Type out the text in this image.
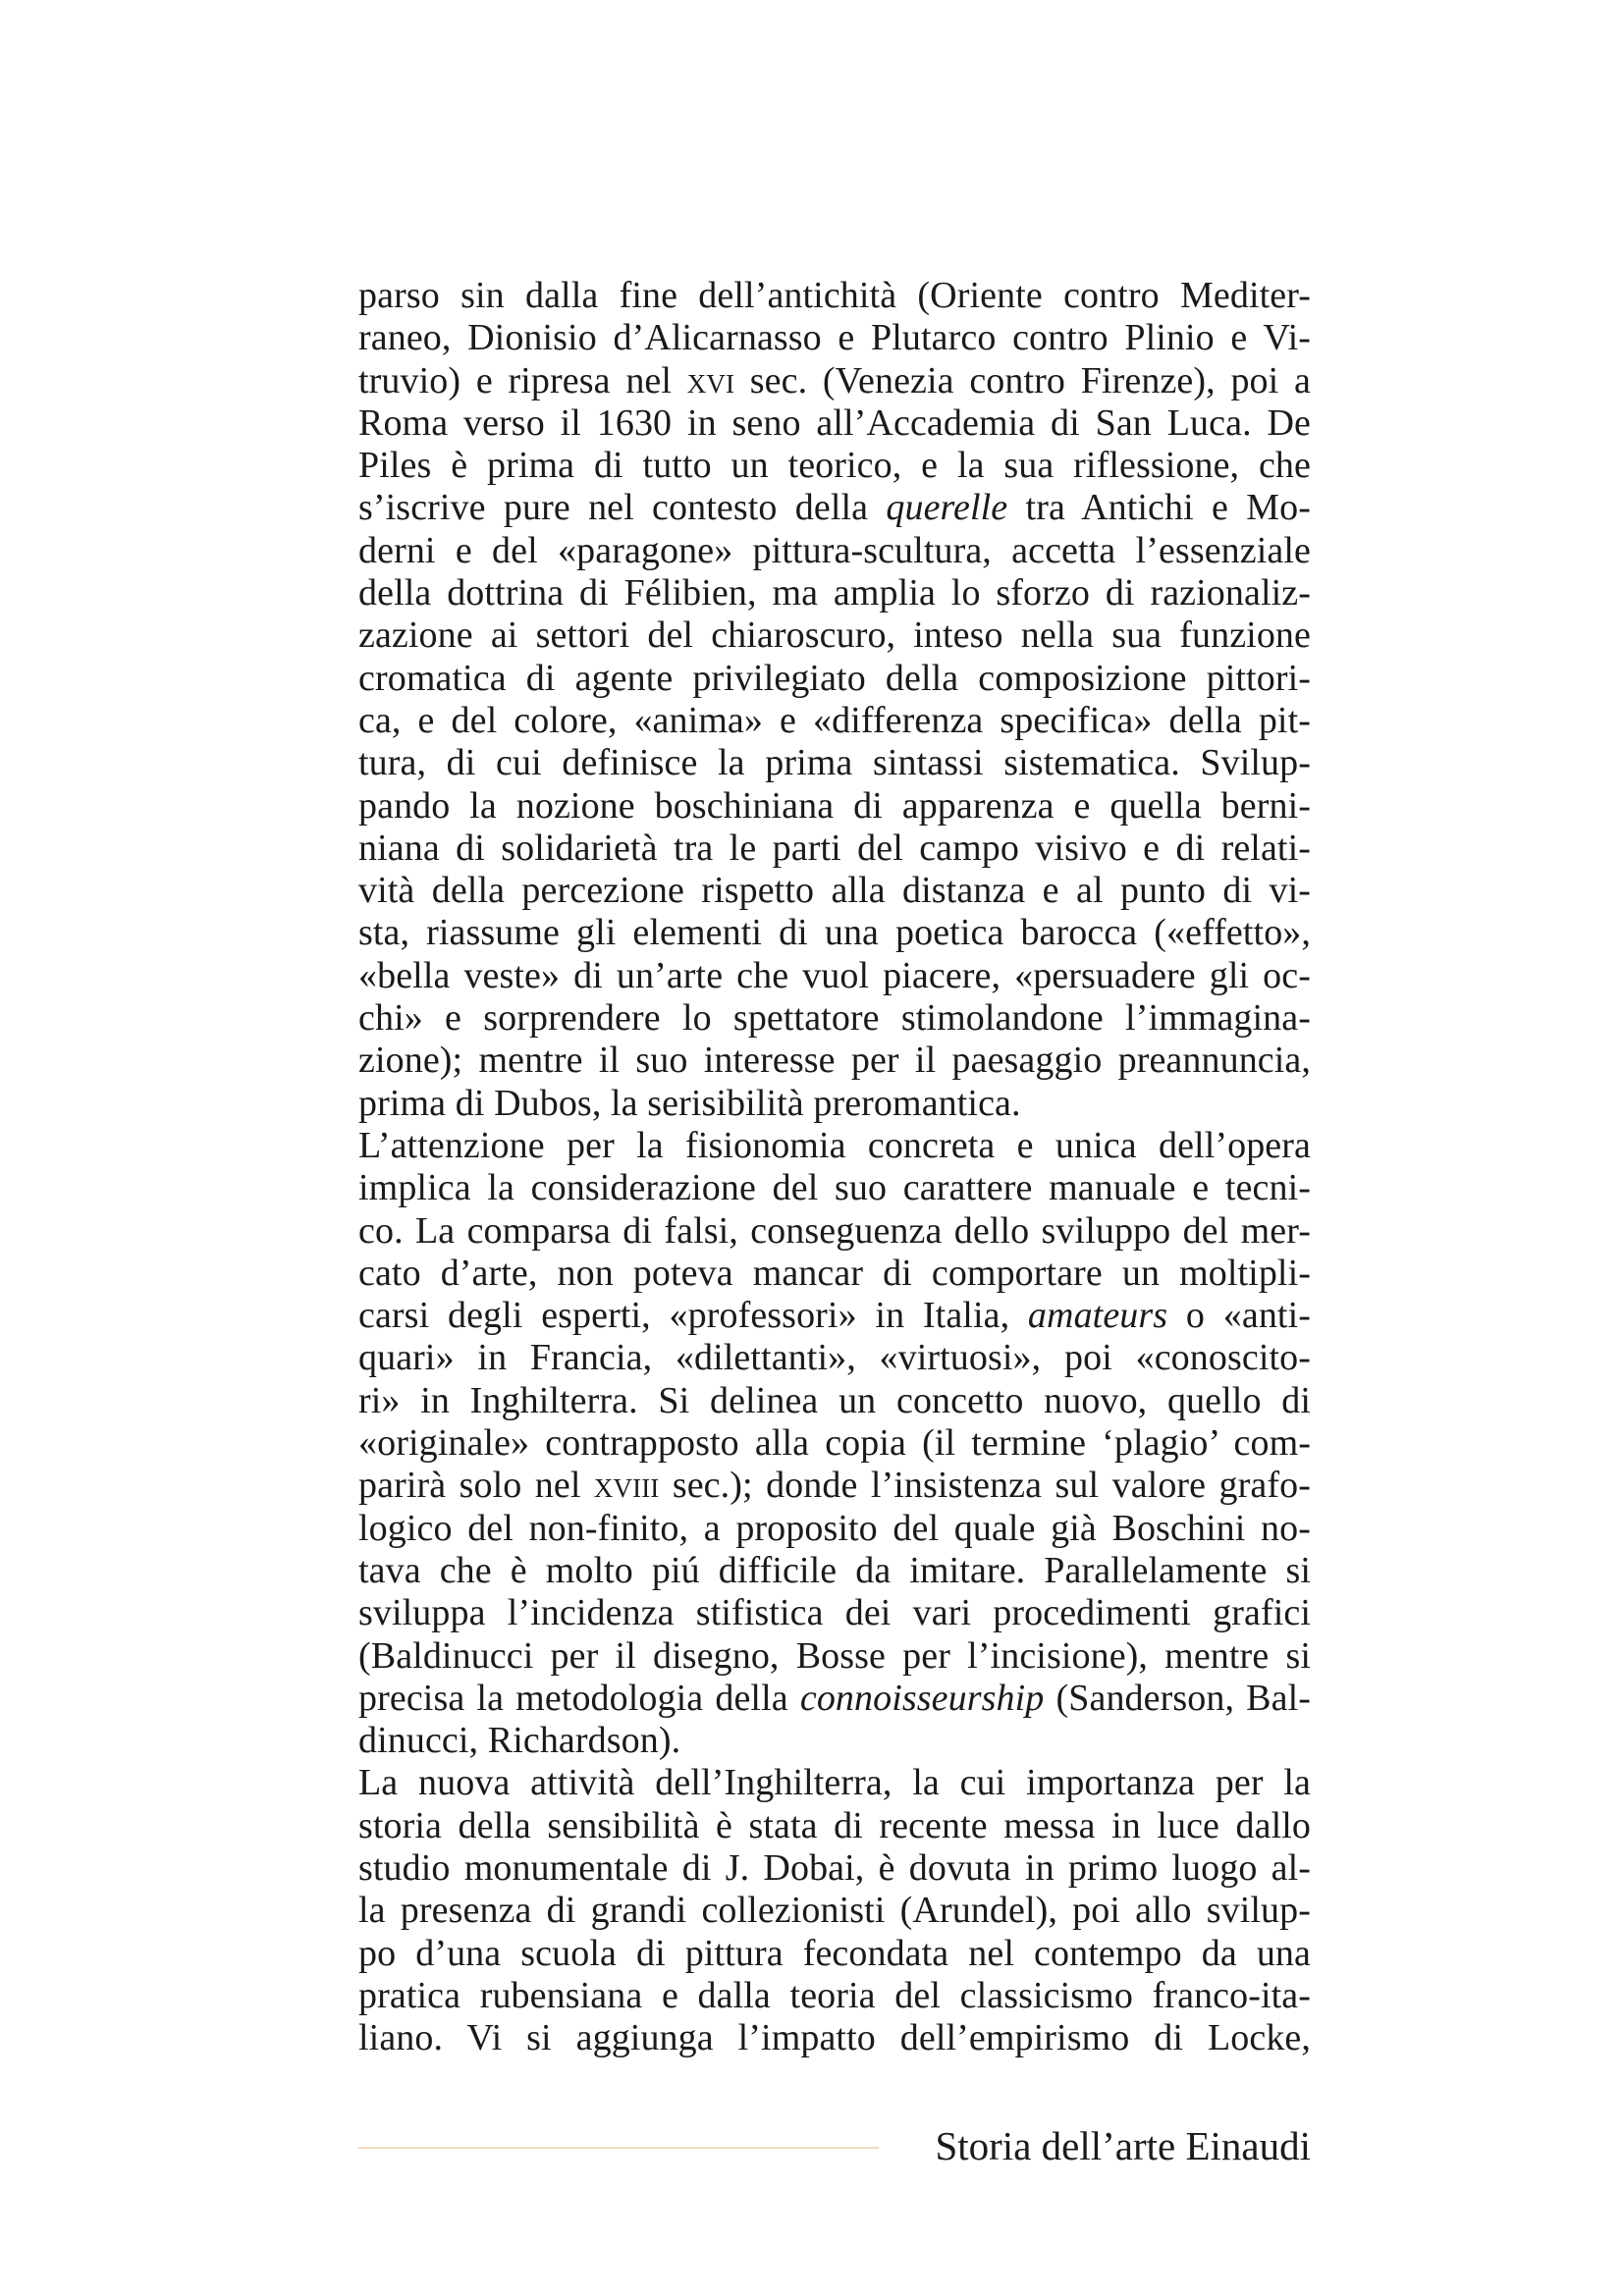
parso sin dalla fine dell’antichità (Oriente contro Mediter-
raneo, Dionisio d’Alicarnasso e Plutarco contro Plinio e Vi-
truvio) e ripresa nel xvi sec. (Venezia contro Firenze), poi a
Roma verso il 1630 in seno all’Accademia di San Luca. De
Piles è prima di tutto un teorico, e la sua riflessione, che
s’iscrive pure nel contesto della querelle tra Antichi e Mo-
derni e del «paragone» pittura-scultura, accetta l’essenziale
della dottrina di Félibien, ma amplia lo sforzo di razionaliz-
zazione ai settori del chiaroscuro, inteso nella sua funzione
cromatica di agente privilegiato della composizione pittori-
ca, e del colore, «anima» e «differenza specifica» della pit-
tura, di cui definisce la prima sintassi sistematica. Svilup-
pando la nozione boschiniana di apparenza e quella berni-
niana di solidarietà tra le parti del campo visivo e di relati-
vità della percezione rispetto alla distanza e al punto di vi-
sta, riassume gli elementi di una poetica barocca («effetto»,
«bella veste» di un’arte che vuol piacere, «persuadere gli oc-
chi» e sorprendere lo spettatore stimolandone l’immagina-
zione); mentre il suo interesse per il paesaggio preannuncia,
prima di Dubos, la serisibilità preromantica.
L’attenzione per la fisionomia concreta e unica dell’opera
implica la considerazione del suo carattere manuale e tecni-
co. La comparsa di falsi, conseguenza dello sviluppo del mer-
cato d’arte, non poteva mancar di comportare un moltipli-
carsi degli esperti, «professori» in Italia, amateurs o «anti-
quari» in Francia, «dilettanti», «virtuosi», poi «conoscito-
ri» in Inghilterra. Si delinea un concetto nuovo, quello di
«originale» contrapposto alla copia (il termine ‘plagio’ com-
parirà solo nel xviii sec.); donde l’insistenza sul valore grafo-
logico del non-finito, a proposito del quale già Boschini no-
tava che è molto piú difficile da imitare. Parallelamente si
sviluppa l’incidenza stifistica dei vari procedimenti grafici
(Baldinucci per il disegno, Bosse per l’incisione), mentre si
precisa la metodologia della connoisseurship (Sanderson, Bal-
dinucci, Richardson).
La nuova attività dell’Inghilterra, la cui importanza per la
storia della sensibilità è stata di recente messa in luce dallo
studio monumentale di J. Dobai, è dovuta in primo luogo al-
la presenza di grandi collezionisti (Arundel), poi allo svilup-
po d’una scuola di pittura fecondata nel contempo da una
pratica rubensiana e dalla teoria del classicismo franco-ita-
liano. Vi si aggiunga l’impatto dell’empirismo di Locke,
Storia dell’arte Einaudi
